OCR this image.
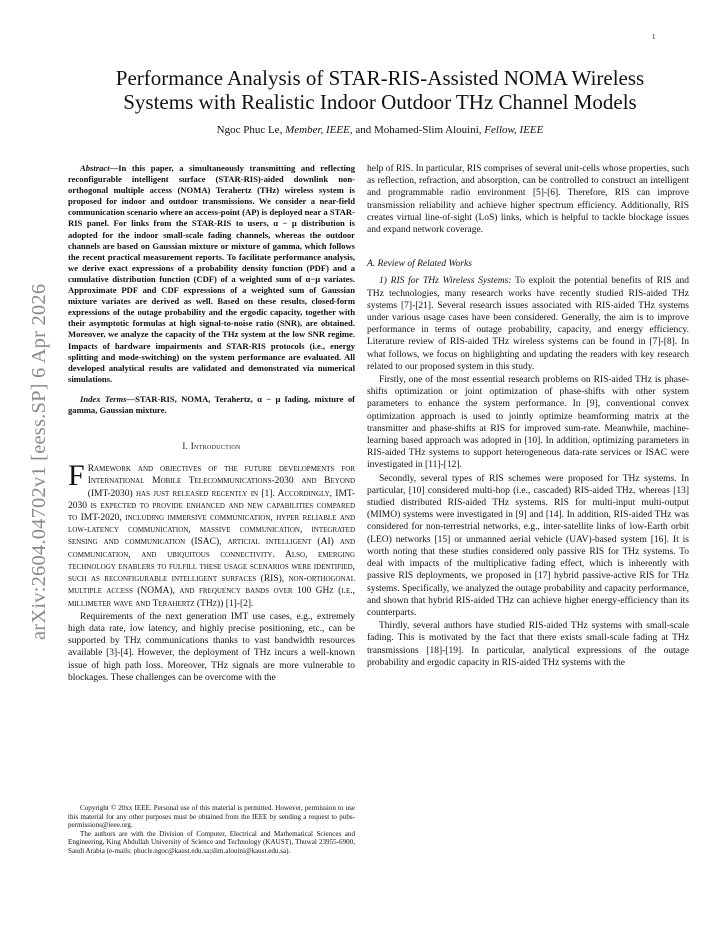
1
arXiv:2604.04702v1 [eess.SP] 6 Apr 2026
Performance Analysis of STAR-RIS-Assisted NOMA Wireless
Systems with Realistic Indoor Outdoor THz Channel Models
Ngoc Phuc Le, Member, IEEE, and Mohamed-Slim Alouini, Fellow, IEEE

Abstract—In this paper, a simultaneously transmitting and reflecting reconfigurable intelligent surface (STAR-RIS)-aided downlink non-orthogonal multiple access (NOMA) Terahertz (THz) wireless system is proposed for indoor and outdoor transmissions. We consider a near-field communication scenario where an access-point (AP) is deployed near a STAR-RIS panel. For links from the STAR-RIS to users, α − μ distribution is adopted for the indoor small-scale fading channels, whereas the outdoor channels are based on Gaussian mixture or mixture of gamma, which follows the recent practical measurement reports. To facilitate performance analysis, we derive exact expressions of a probability density function (PDF) and a cumulative distribution function (CDF) of a weighted sum of α−μ variates. Approximate PDF and CDF expressions of a weighted sum of Gaussian mixture variates are derived as well. Based on these results, closed-form expressions of the outage probability and the ergodic capacity, together with their asymptotic formulas at high signal-to-noise ratio (SNR), are obtained. Moreover, we analyze the capacity of the THz system at the low SNR regime. Impacts of hardware impairments and STAR-RIS protocols (i.e., energy splitting and mode-switching) on the system performance are evaluated. All developed analytical results are validated and demonstrated via numerical simulations.

Index Terms—STAR-RIS, NOMA, Terahertz, α − μ fading, mixture of gamma, Gaussian mixture.

I. Introduction

F Ramework and objectives of the future developments for International Mobile Telecommunications-2030 and Beyond (IMT-2030) has just released recently in [1]. Accordingly, IMT-2030 is expected to provide enhanced and new capabilities compared to IMT-2020, including immersive communication, hyper reliable and low-latency communication, massive communication, integrated sensing and communication (ISAC), articial intelligent (AI) and communication, and ubiquitous connectivity. Also, emerging technology enablers to fulfill these usage scenarios were identified, such as reconfigurable intelligent surfaces (RIS), non-orthogonal multiple access (NOMA), and frequency bands over 100 GHz (i.e., millimeter wave and Terahertz (THz)) [1]-[2].

Requirements of the next generation IMT use cases, e.g., extremely high data rate, low latency, and highly precise positioning, etc., can be supported by THz communications thanks to vast bandwidth resources available [3]-[4]. However, the deployment of THz incurs a well-known issue of high path loss. Moreover, THz signals are more vulnerable to blockages. These challenges can be overcome with the

Copyright © 20xx IEEE. Personal use of this material is permitted. However, permission to use this material for any other purposes must be obtained from the IEEE by sending a request to pubs-permissions@ieee.org.

The authors are with the Division of Computer, Electrical and Mathematical Sciences and Engineering, King Abdullah University of Science and Technology (KAUST), Thuwal 23955-6900, Saudi Arabia (e-mails: phucle.ngoc@kaust.edu.sa;slim.alouini@kaust.edu.sa).

help of RIS. In particular, RIS comprises of several unit-cells whose properties, such as reflection, refraction, and absorption, can be controlled to construct an intelligent and programmable radio environment [5]-[6]. Therefore, RIS can improve transmission reliability and achieve higher spectrum efficiency. Additionally, RIS creates virtual line-of-sight (LoS) links, which is helpful to tackle blockage issues and expand network coverage.

A. Review of Related Works

1) RIS for THz Wireless Systems: To exploit the potential benefits of RIS and THz technologies, many research works have recently studied RIS-aided THz systems [7]-[21]. Several research issues associated with RIS-aided THz systems under various usage cases have been considered. Generally, the aim is to improve performance in terms of outage probability, capacity, and energy efficiency. Literature review of RIS-aided THz wireless systems can be found in [7]-[8]. In what follows, we focus on highlighting and updating the readers with key research related to our proposed system in this study.

Firstly, one of the most essential research problems on RIS-aided THz is phase-shifts optimization or joint optimization of phase-shifts with other system parameters to enhance the system performance. In [9], conventional convex optimization approach is used to jointly optimize beamforming matrix at the transmitter and phase-shifts at RIS for improved sum-rate. Meanwhile, machine-learning based approach was adopted in [10]. In addition, optimizing parameters in RIS-aided THz systems to support heterogeneous data-rate services or ISAC were investigated in [11]-[12].

Secondly, several types of RIS schemes were proposed for THz systems. In particular, [10] considered multi-hop (i.e., cascaded) RIS-aided THz, whereas [13] studied distributed RIS-aided THz systems. RIS for multi-input multi-output (MIMO) systems were investigated in [9] and [14]. In addition, RIS-aided THz was considered for non-terrestrial networks, e.g., inter-satellite links of low-Earth orbit (LEO) networks [15] or unmanned aerial vehicle (UAV)-based system [16]. It is worth noting that these studies considered only passive RIS for THz systems. To deal with impacts of the multiplicative fading effect, which is inherently with passive RIS deployments, we proposed in [17] hybrid passive-active RIS for THz systems. Specifically, we analyzed the outage probability and capacity performance, and shown that hybrid RIS-aided THz can achieve higher energy-efficiency than its counterparts.

Thirdly, several authors have studied RIS-aided THz systems with small-scale fading. This is motivated by the fact that there exists small-scale fading at THz transmissions [18]-[19]. In particular, analytical expressions of the outage probability and ergodic capacity in RIS-aided THz systems with the
